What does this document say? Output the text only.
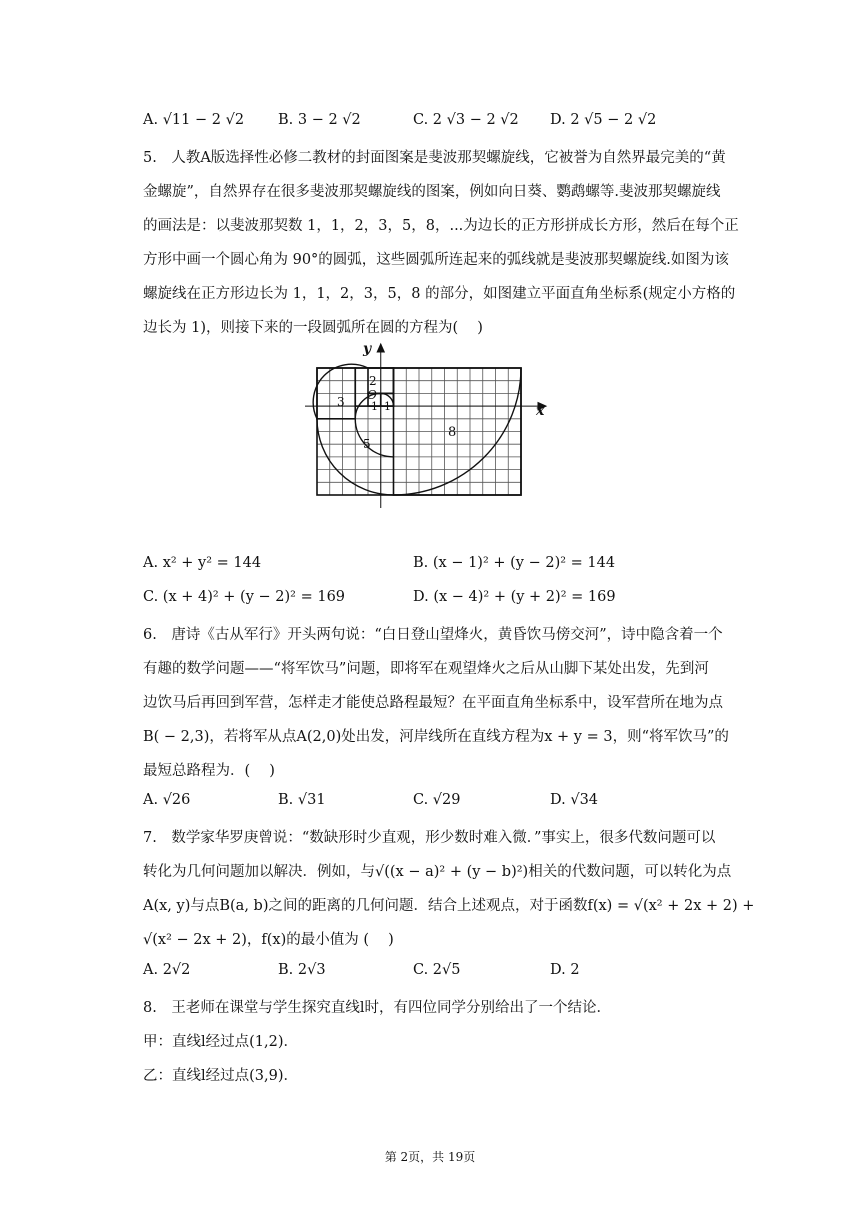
A. √11 − 2 √2 B. 3 − 2 √2	C. 2 √3 − 2 √2 D. 2 √5 − 2 √2
5.　人教A版选择性必修二教材的封面图案是斐波那契螺旋线，它被誉为自然界最完美的“黄
金螺旋”，自然界存在很多斐波那契螺旋线的图案，例如向日葵、鹦鹉螺等.斐波那契螺旋线
的画法是：以斐波那契数 1，1，2，3，5，8，...为边长的正方形拼成长方形，然后在每个正
方形中画一个圆心角为 90°的圆弧，这些圆弧所连起来的弧线就是斐波那契螺旋线.如图为该
螺旋线在正方形边长为 1，1，2，3，5，8 的部分，如图建立平面直角坐标系(规定小方格的
边长为 1)，则接下来的一段圆弧所在圆的方程为(　 )
y
x
O
2
3 1 1
5
8
A. x² + y² = 144	B. (x − 1)² + (y − 2)² = 144
C. (x + 4)² + (y − 2)² = 169	D. (x − 4)² + (y + 2)² = 169
6.　唐诗《古从军行》开头两句说：“白日登山望烽火，黄昏饮马傍交河”，诗中隐含着一个
有趣的数学问题——“将军饮马”问题，即将军在观望烽火之后从山脚下某处出发，先到河
边饮马后再回到军营，怎样走才能使总路程最短？在平面直角坐标系中，设军营所在地为点
B( − 2,3)，若将军从点A(2,0)处出发，河岸线所在直线方程为x + y = 3，则“将军饮马”的
最短总路程为．(　 )
A. √26	B. √31	C. √29	D. √34
7.　数学家华罗庚曾说：“数缺形时少直观，形少数时难入微．”事实上，很多代数问题可以
转化为几何问题加以解决．例如，与√((x − a)² + (y − b)²)相关的代数问题，可以转化为点
A(x, y)与点B(a, b)之间的距离的几何问题．结合上述观点，对于函数f(x) = √(x² + 2x + 2) +
√(x² − 2x + 2)，f(x)的最小值为 (　 )
A. 2√2	B. 2√3	C. 2√5	D. 2
8.　王老师在课堂与学生探究直线l时，有四位同学分别给出了一个结论．
甲：直线l经过点(1,2)．
乙：直线l经过点(3,9)．
第 2页，共 19页
